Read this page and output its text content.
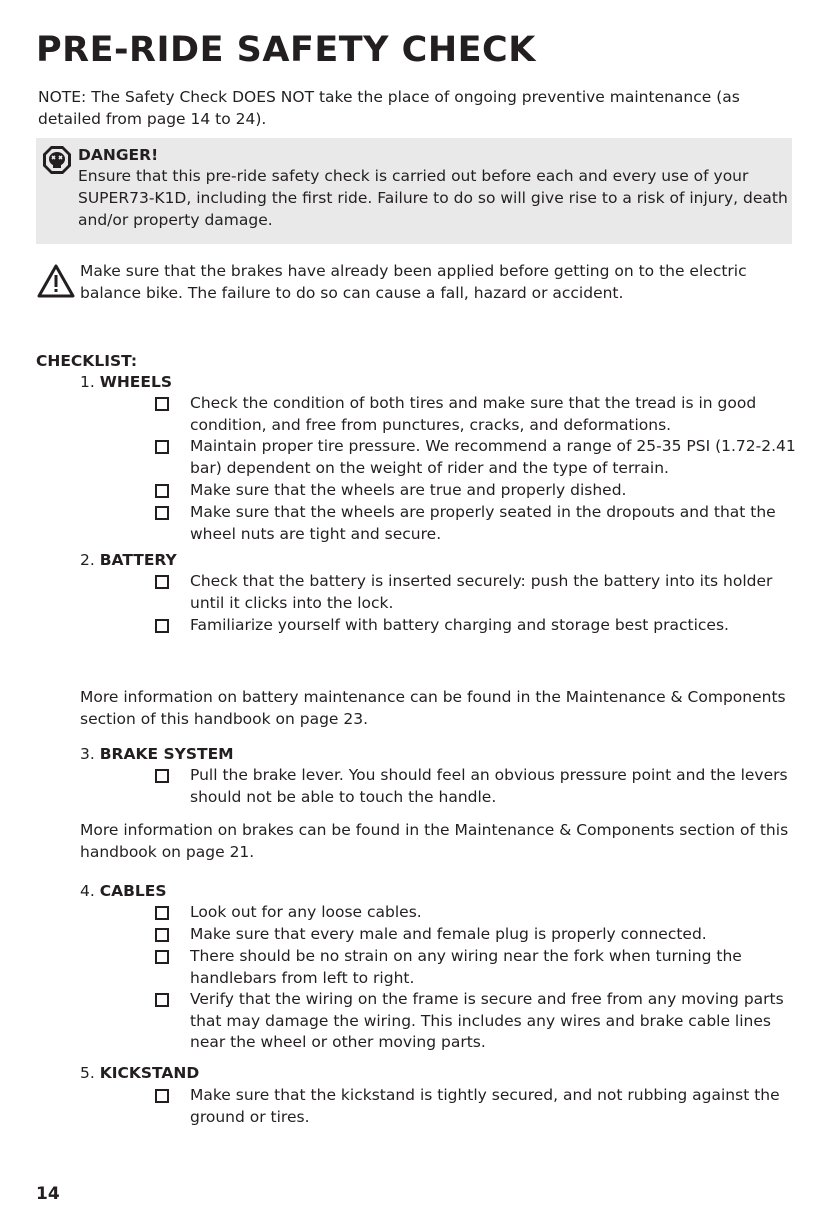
PRE-RIDE SAFETY CHECK
NOTE: The Safety Check DOES NOT take the place of ongoing preventive maintenance (as detailed from page 14 to 24).
DANGER!
Ensure that this pre-ride safety check is carried out before each and every use of your SUPER73-K1D, including the first ride. Failure to do so will give rise to a risk of injury, death and/or property damage.
Make sure that the brakes have already been applied before getting on to the electric balance bike. The failure to do so can cause a fall, hazard or accident.
CHECKLIST:
1. WHEELS
Check the condition of both tires and make sure that the tread is in good condition, and free from punctures, cracks, and deformations.
Maintain proper tire pressure. We recommend a range of 25-35 PSI (1.72-2.41 bar) dependent on the weight of rider and the type of terrain.
Make sure that the wheels are true and properly dished.
Make sure that the wheels are properly seated in the dropouts and that the wheel nuts are tight and secure.
2. BATTERY
Check that the battery is inserted securely: push the battery into its holder until it clicks into the lock.
Familiarize yourself with battery charging and storage best practices.
More information on battery maintenance can be found in the Maintenance & Components section of this handbook on page 23.
3. BRAKE SYSTEM
Pull the brake lever. You should feel an obvious pressure point and the levers should not be able to touch the handle.
More information on brakes can be found in the Maintenance & Components section of this handbook on page 21.
4. CABLES
Look out for any loose cables.
Make sure that every male and female plug is properly connected.
There should be no strain on any wiring near the fork when turning the handlebars from left to right.
Verify that the wiring on the frame is secure and free from any moving parts that may damage the wiring. This includes any wires and brake cable lines near the wheel or other moving parts.
5. KICKSTAND
Make sure that the kickstand is tightly secured, and not rubbing against the ground or tires.
14
